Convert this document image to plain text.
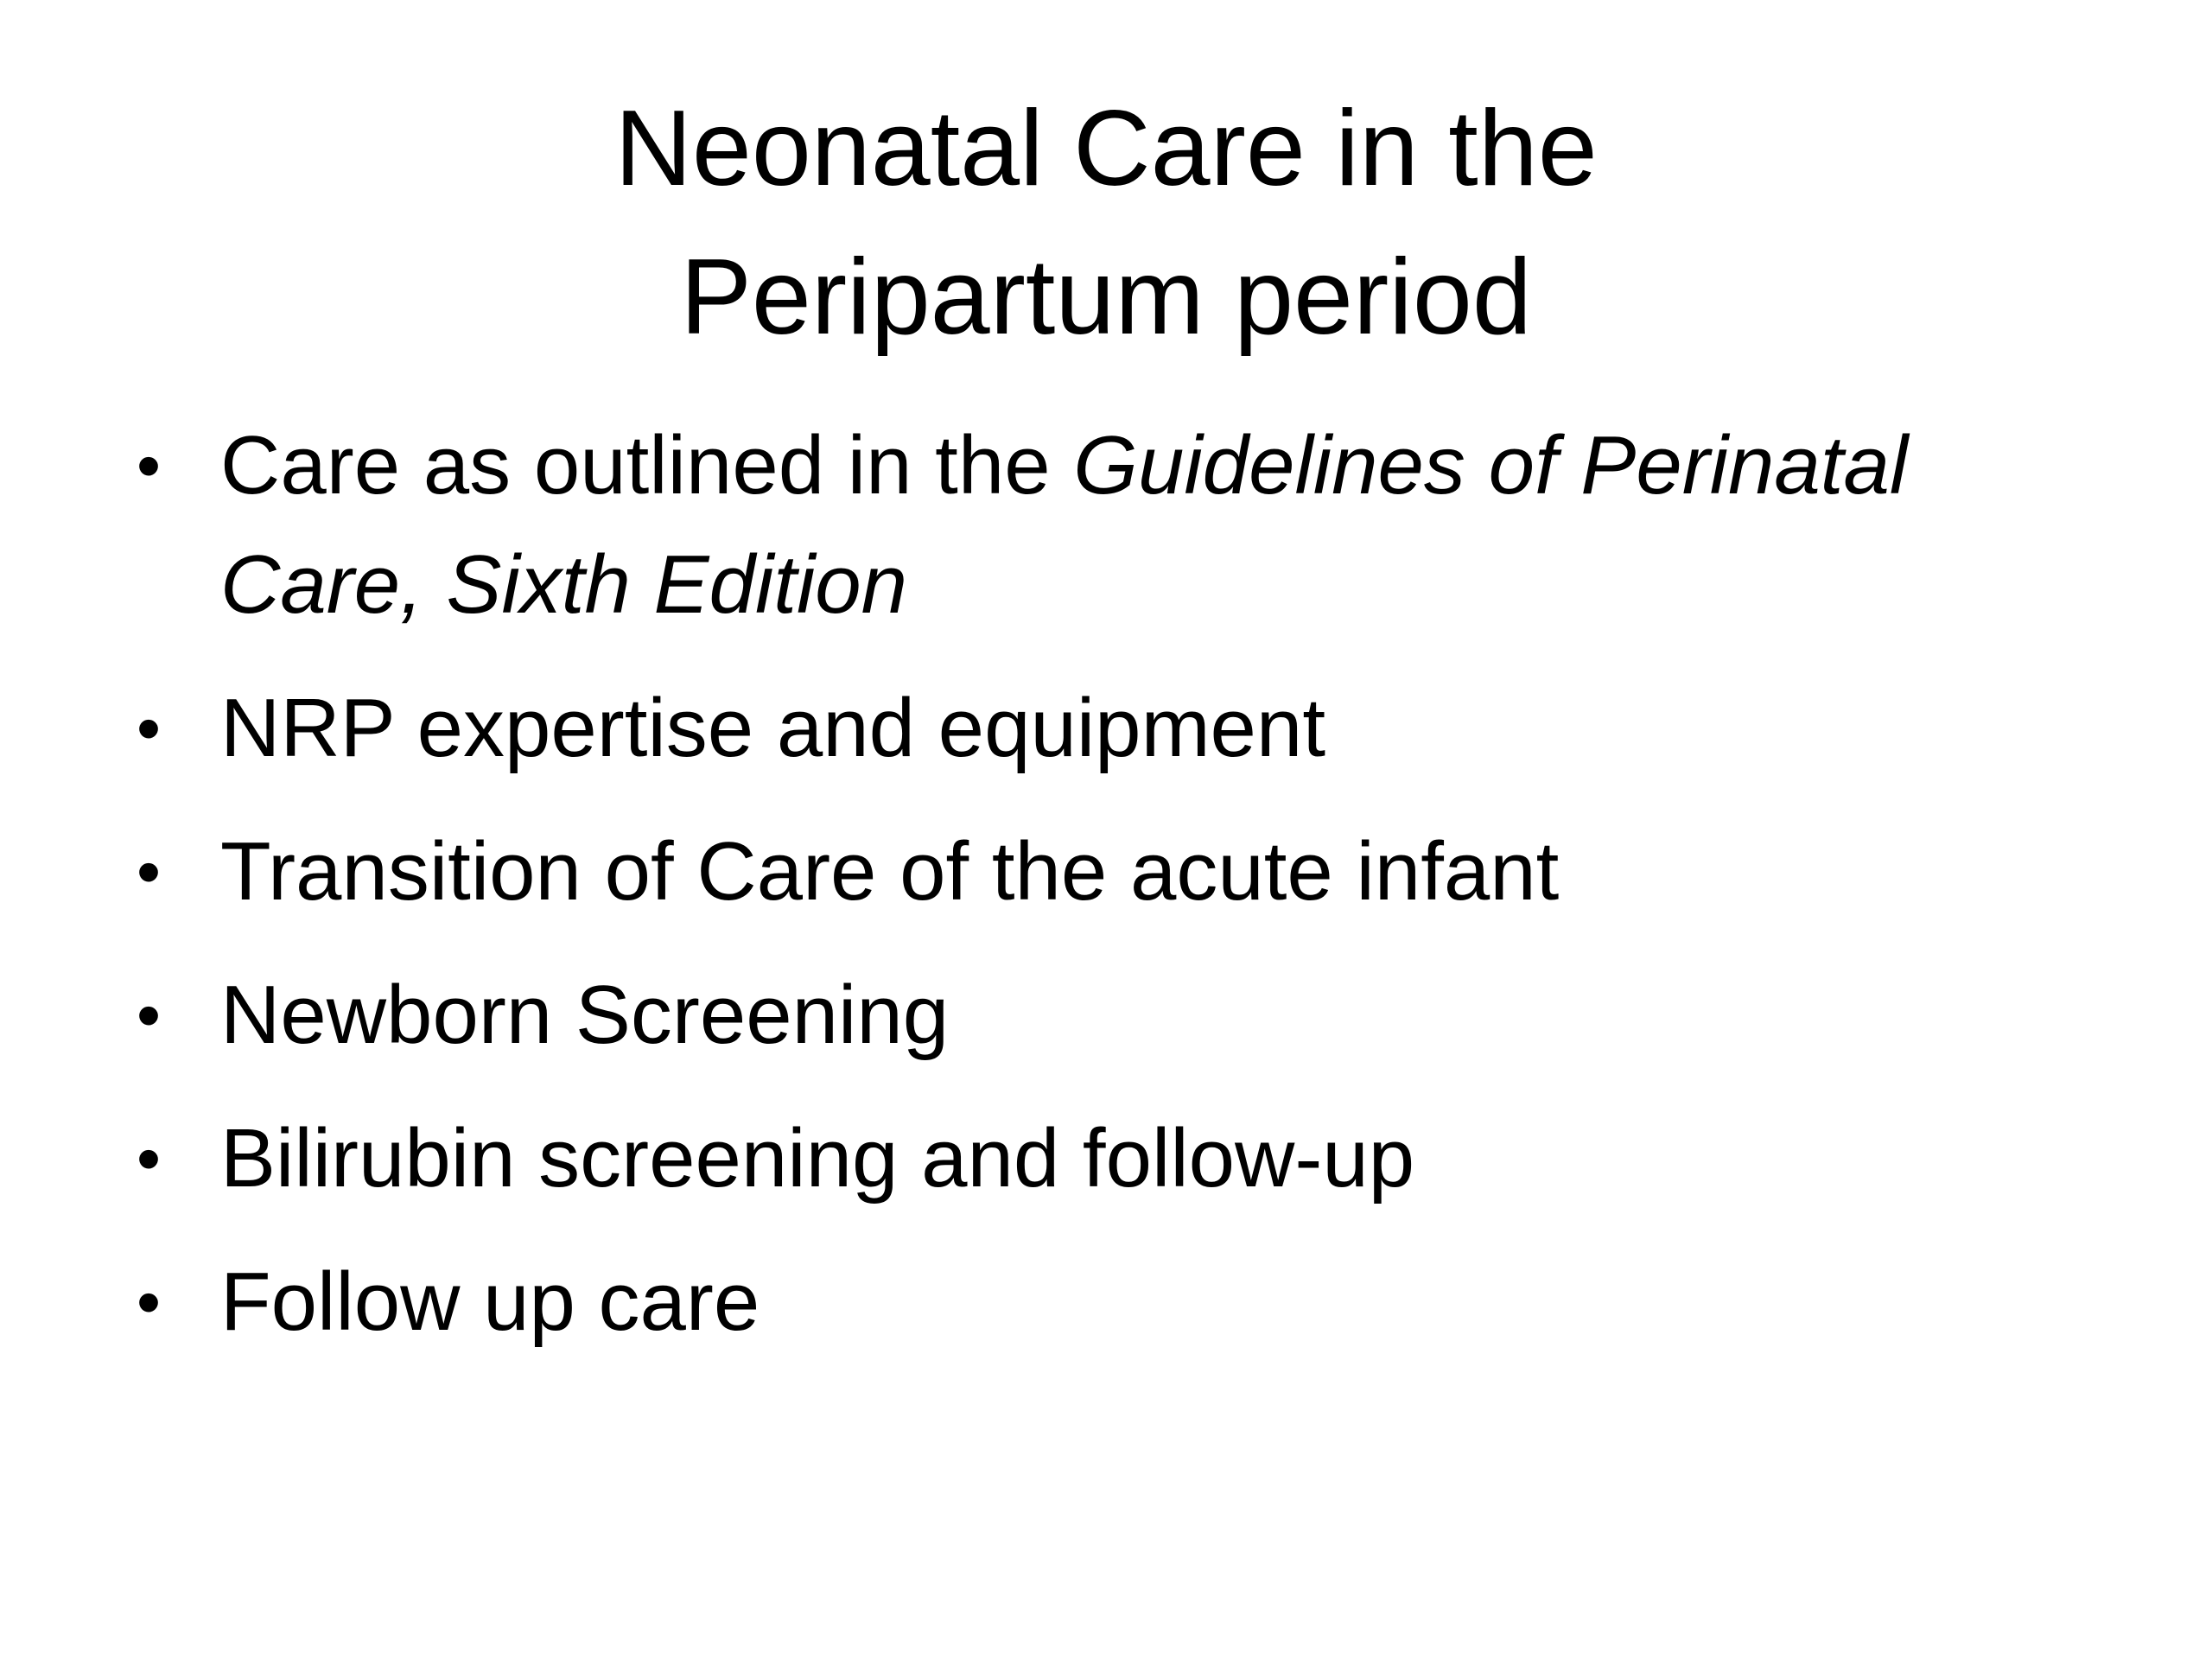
Neonatal Care in the
Peripartum period
• Care as outlined in the Guidelines of Perinatal Care, Sixth Edition
• NRP expertise and equipment
• Transition of Care of the acute infant
• Newborn Screening
• Bilirubin screening and follow-up
• Follow up care
